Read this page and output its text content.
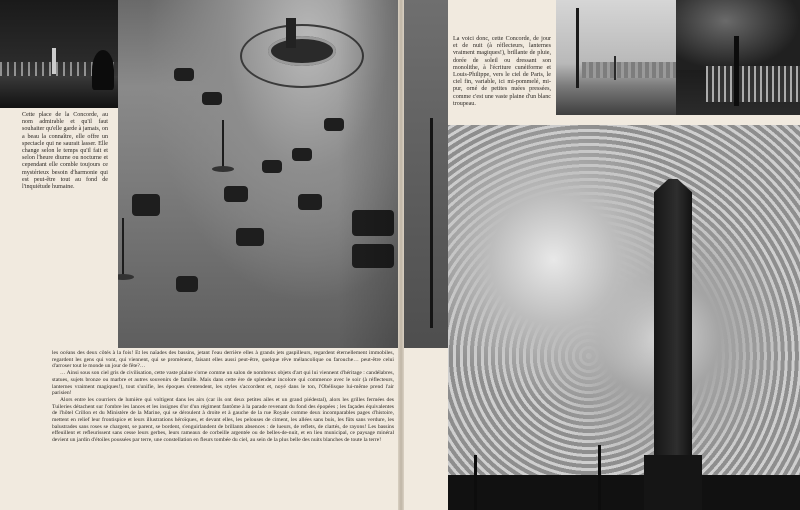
Cette place de la Concorde, au nom admirable et qu'il faut souhaiter qu'elle garde à jamais, on a beau la connaître, elle offre un spectacle qui ne saurait lasser. Elle change selon le temps qu'il fait et selon l'heure diurne ou nocturne et cependant elle comble toujours ce mystérieux besoin d'harmonie qui est peut-être tout au fond de l'inquiétude humaine.

La voici donc, cette Concorde, de jour et de nuit (à réflecteurs, lanternes vraiment magiques!), brillante de pluie, dorée de soleil ou dressant son monolithe, à l'écriture cunéiforme et Louis-Philippe, vers le ciel de Paris, le ciel fin, variable, ici mi-pommelé, mi-pur, orné de petites nuées pressées, comme c'est une vaste plaine d'un blanc troupeau.

les océans des deux côtés à la fois! Et les naïades des bassins, jetant l'eau derrière elles à grands jets gaspilleurs, regardent éternellement immobiles, regardent les gens qui vont, qui viennent, qui se promènent, faisant elles aussi peut-être, quelque rêve mélancolique ou farouche… peut-être celui d'arroser tout le monde un jour de fête?…

… Ainsi sous son ciel gris de civilisation, cette vaste plaine s'orne comme un salon de nombreux objets d'art qui lui viennent d'héritage : candélabres, statues, sujets bronze ou marbre et autres souvenirs de famille. Mais dans cette ère de splendeur incolore qui commence avec le soir (à réflecteurs, lanternes vraiment magiques!), tout s'unifie, les époques s'entendent, les styles s'accordent et, noyé dans le ton, l'Obélisque lui-même prend l'air parisien!

Alors entre les courriers de lumière qui voltigent dans les airs (car ils ont deux petites ailes et un grand piédestal), alors les grilles fermées des Tuileries détachent sur l'ombre les lances et les insignes d'or d'un régiment fantôme à la parade revenant du fond des épopées ; les façades équivalentes de l'hôtel Crillon et du Ministère de la Marine, qui se déroulent à droite et à gauche de la rue Royale comme deux incomparables pages d'histoire, mettent en relief leur frontispice et leurs illustrations héroïques, et devant elles, les pelouses de ciment, les allées sans buis, les fûts sans verdure, les balustrades sans roses se chargent, se parent, se bordent, s'enguirlandent de brillants absences : de lueurs, de reflets, de clartés, de rayons! Les bassins effeuillent et refleurissent sans cesse leurs gerbes, leurs rameaux de corbeille argentée ou de belles-de-nuit, et en lieu municipal, ce paysage minéral devient un jardin d'étoiles poussées par terre, une constellation en fleurs tombée du ciel, au sein de la plus belle des nuits blanches de toute la terre!
